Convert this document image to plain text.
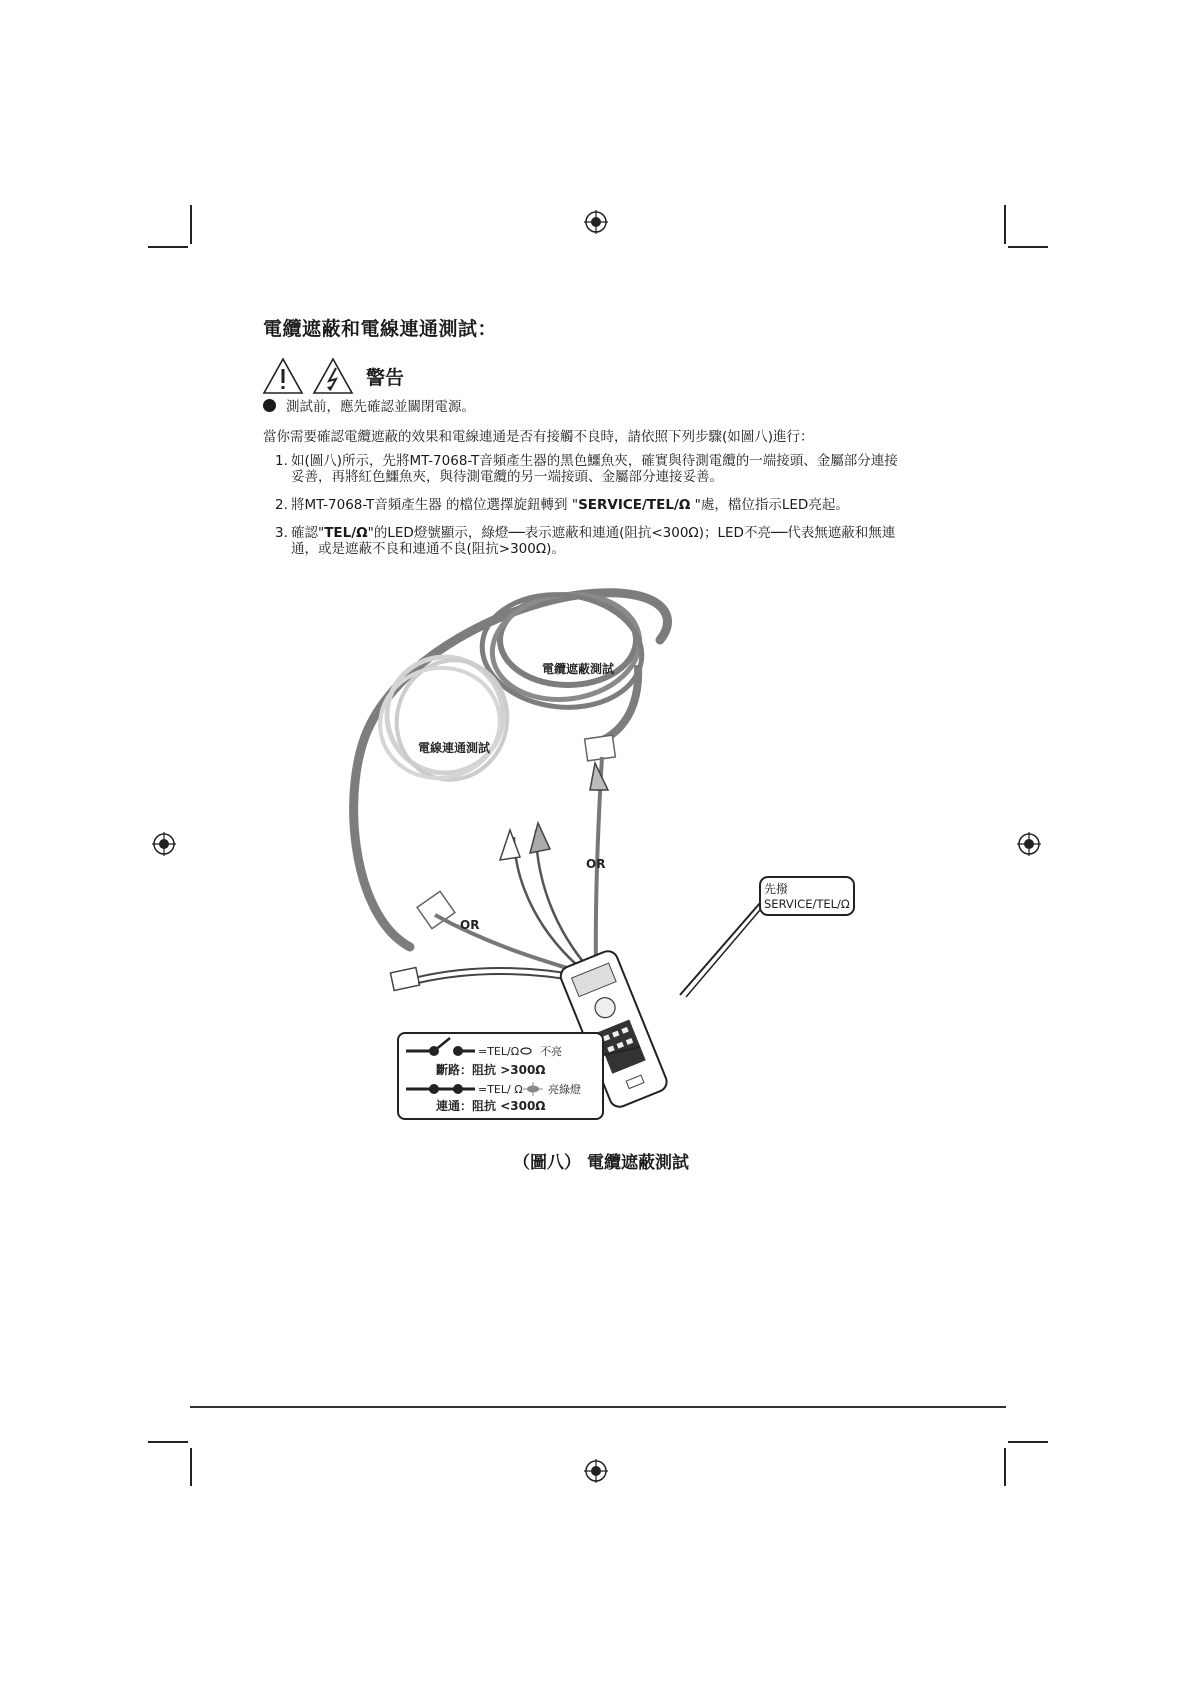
電纜遮蔽和電線連通測試：
警告
測試前，應先確認並關閉電源。
當你需要確認電纜遮蔽的效果和電線連通是否有接觸不良時，請依照下列步驟(如圖八)進行：
1. 如(圖八)所示，先將MT-7068-T音頻產生器的黑色鱷魚夾，確實與待測電纜的一端接頭、金屬部分連接
妥善，再將紅色鱷魚夾，與待測電纜的另一端接頭、金屬部分連接妥善。
2. 將MT-7068-T音頻產生器 的檔位選擇旋鈕轉到 "SERVICE/TEL/Ω "處，檔位指示LED亮起。
3. 確認"TEL/Ω"的LED燈號顯示，綠燈──表示遮蔽和連通(阻抗<300Ω)；LED不亮──代表無遮蔽和無連
通，或是遮蔽不良和連通不良(阻抗>300Ω)。
電纜遮蔽測試
電線連通測試
OR
OR
先撥
SERVICE/TEL/Ω
=TEL/Ω 不亮
斷路：阻抗 >300Ω
=TEL/ Ω 亮綠燈
連通：阻抗 <300Ω
（圖八） 電纜遮蔽測試
